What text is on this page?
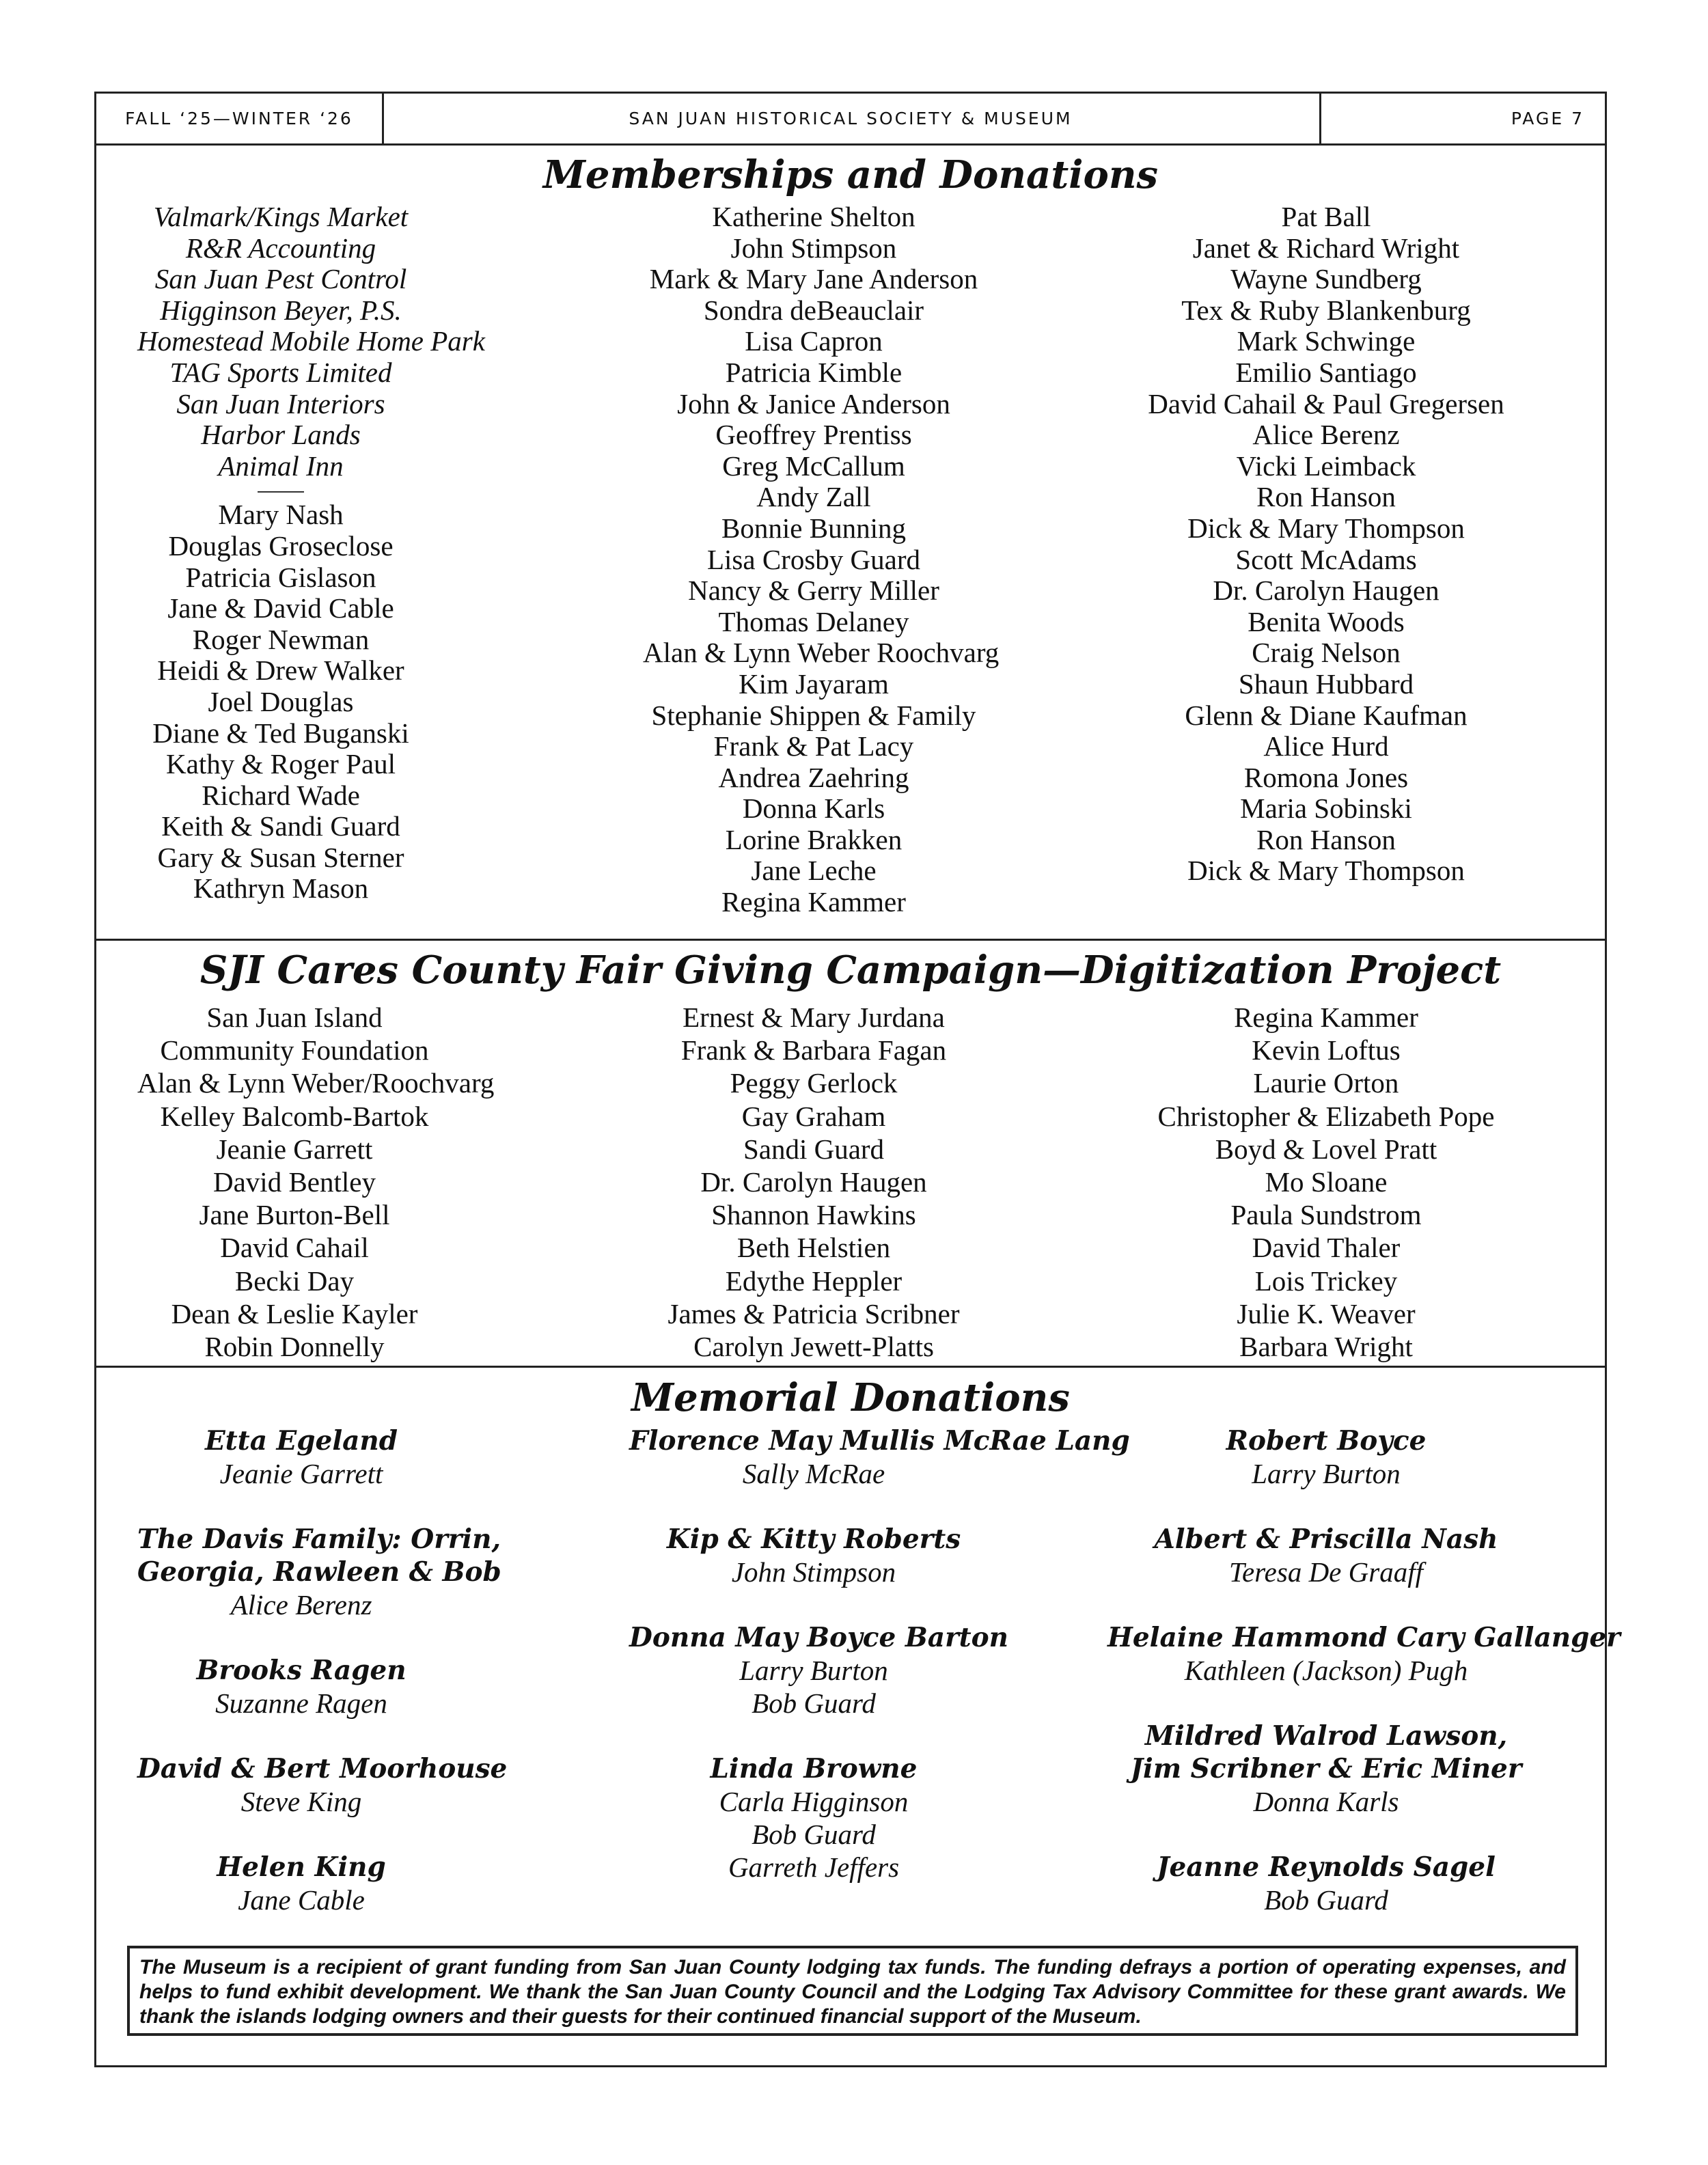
FALL ‘25—WINTER ‘26	SAN JUAN HISTORICAL SOCIETY & MUSEUM	PAGE 7
Memberships and Donations
Valmark/Kings Market
R&R Accounting
San Juan Pest Control
Higginson Beyer, P.S.
Homestead Mobile Home Park
TAG Sports Limited
San Juan Interiors
Harbor Lands
Animal Inn
Mary Nash
Douglas Groseclose
Patricia Gislason
Jane & David Cable
Roger Newman
Heidi & Drew Walker
Joel Douglas
Diane & Ted Buganski
Kathy & Roger Paul
Richard Wade
Keith & Sandi Guard
Gary & Susan Sterner
Kathryn Mason
Katherine Shelton
John Stimpson
Mark & Mary Jane Anderson
Sondra deBeauclair
Lisa Capron
Patricia Kimble
John & Janice Anderson
Geoffrey Prentiss
Greg McCallum
Andy Zall
Bonnie Bunning
Lisa Crosby Guard
Nancy & Gerry Miller
Thomas Delaney
Alan & Lynn Weber Roochvarg
Kim Jayaram
Stephanie Shippen & Family
Frank & Pat Lacy
Andrea Zaehring
Donna Karls
Lorine Brakken
Jane Leche
Regina Kammer
Pat Ball
Janet & Richard Wright
Wayne Sundberg
Tex & Ruby Blankenburg
Mark Schwinge
Emilio Santiago
David Cahail & Paul Gregersen
Alice Berenz
Vicki Leimback
Ron Hanson
Dick & Mary Thompson
Scott McAdams
Dr. Carolyn Haugen
Benita Woods
Craig Nelson
Shaun Hubbard
Glenn & Diane Kaufman
Alice Hurd
Romona Jones
Maria Sobinski
Ron Hanson
Dick & Mary Thompson
SJI Cares County Fair Giving Campaign—Digitization Project
San Juan Island
Community Foundation
Alan & Lynn Weber/Roochvarg
Kelley Balcomb-Bartok
Jeanie Garrett
David Bentley
Jane Burton-Bell
David Cahail
Becki Day
Dean & Leslie Kayler
Robin Donnelly
Ernest & Mary Jurdana
Frank & Barbara Fagan
Peggy Gerlock
Gay Graham
Sandi Guard
Dr. Carolyn Haugen
Shannon Hawkins
Beth Helstien
Edythe Heppler
James & Patricia Scribner
Carolyn Jewett-Platts
Regina Kammer
Kevin Loftus
Laurie Orton
Christopher & Elizabeth Pope
Boyd & Lovel Pratt
Mo Sloane
Paula Sundstrom
David Thaler
Lois Trickey
Julie K. Weaver
Barbara Wright
Memorial Donations
Etta Egeland
Jeanie Garrett
The Davis Family: Orrin,
Georgia, Rawleen & Bob
Alice Berenz
Brooks Ragen
Suzanne Ragen
David & Bert Moorhouse
Steve King
Helen King
Jane Cable
Florence May Mullis McRae Lang
Sally McRae
Kip & Kitty Roberts
John Stimpson
Donna May Boyce Barton
Larry Burton
Bob Guard
Linda Browne
Carla Higginson
Bob Guard
Garreth Jeffers
Robert Boyce
Larry Burton
Albert & Priscilla Nash
Teresa De Graaff
Helaine Hammond Cary Gallanger
Kathleen (Jackson) Pugh
Mildred Walrod Lawson,
Jim Scribner & Eric Miner
Donna Karls
Jeanne Reynolds Sagel
Bob Guard
The Museum is a recipient of grant funding from San Juan County lodging tax funds. The funding defrays a portion of operating expenses, and helps to fund exhibit development. We thank the San Juan County Council and the Lodging Tax Advisory Committee for these grant awards. We thank the islands lodging owners and their guests for their continued financial support of the Museum.
